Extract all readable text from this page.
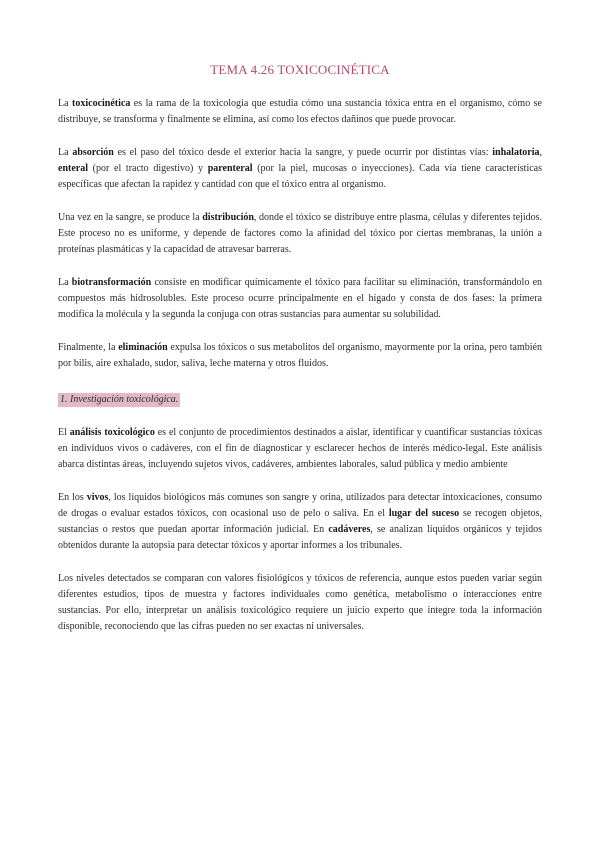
TEMA 4.26 TOXICOCINÉTICA

La toxicocinética es la rama de la toxicología que estudia cómo una sustancia tóxica entra en el organismo, cómo se distribuye, se transforma y finalmente se elimina, así como los efectos dañinos que puede provocar.

La absorción es el paso del tóxico desde el exterior hacia la sangre, y puede ocurrir por distintas vías: inhalatoria, enteral (por el tracto digestivo) y parenteral (por la piel, mucosas o inyecciones). Cada vía tiene características específicas que afectan la rapidez y cantidad con que el tóxico entra al organismo.

Una vez en la sangre, se produce la distribución, donde el tóxico se distribuye entre plasma, células y diferentes tejidos. Este proceso no es uniforme, y depende de factores como la afinidad del tóxico por ciertas membranas, la unión a proteínas plasmáticas y la capacidad de atravesar barreras.

La biotransformación consiste en modificar químicamente el tóxico para facilitar su eliminación, transformándolo en compuestos más hidrosolubles. Este proceso ocurre principalmente en el hígado y consta de dos fases: la primera modifica la molécula y la segunda la conjuga con otras sustancias para aumentar su solubilidad.

Finalmente, la eliminación expulsa los tóxicos o sus metabolitos del organismo, mayormente por la orina, pero también por bilis, aire exhalado, sudor, saliva, leche materna y otros fluidos.

1. Investigación toxicológica.

El análisis toxicológico es el conjunto de procedimientos destinados a aislar, identificar y cuantificar sustancias tóxicas en individuos vivos o cadáveres, con el fin de diagnosticar y esclarecer hechos de interés médico-legal. Este análisis abarca distintas áreas, incluyendo sujetos vivos, cadáveres, ambientes laborales, salud pública y medio ambiente

En los vivos, los líquidos biológicos más comunes son sangre y orina, utilizados para detectar intoxicaciones, consumo de drogas o evaluar estados tóxicos, con ocasional uso de pelo o saliva. En el lugar del suceso se recogen objetos, sustancias o restos que puedan aportar información judicial. En cadáveres, se analizan líquidos orgánicos y tejidos obtenidos durante la autopsia para detectar tóxicos y aportar informes a los tribunales.

Los niveles detectados se comparan con valores fisiológicos y tóxicos de referencia, aunque estos pueden variar según diferentes estudios, tipos de muestra y factores individuales como genética, metabolismo o interacciones entre sustancias. Por ello, interpretar un análisis toxicológico requiere un juicio experto que integre toda la información disponible, reconociendo que las cifras pueden no ser exactas ni universales.
